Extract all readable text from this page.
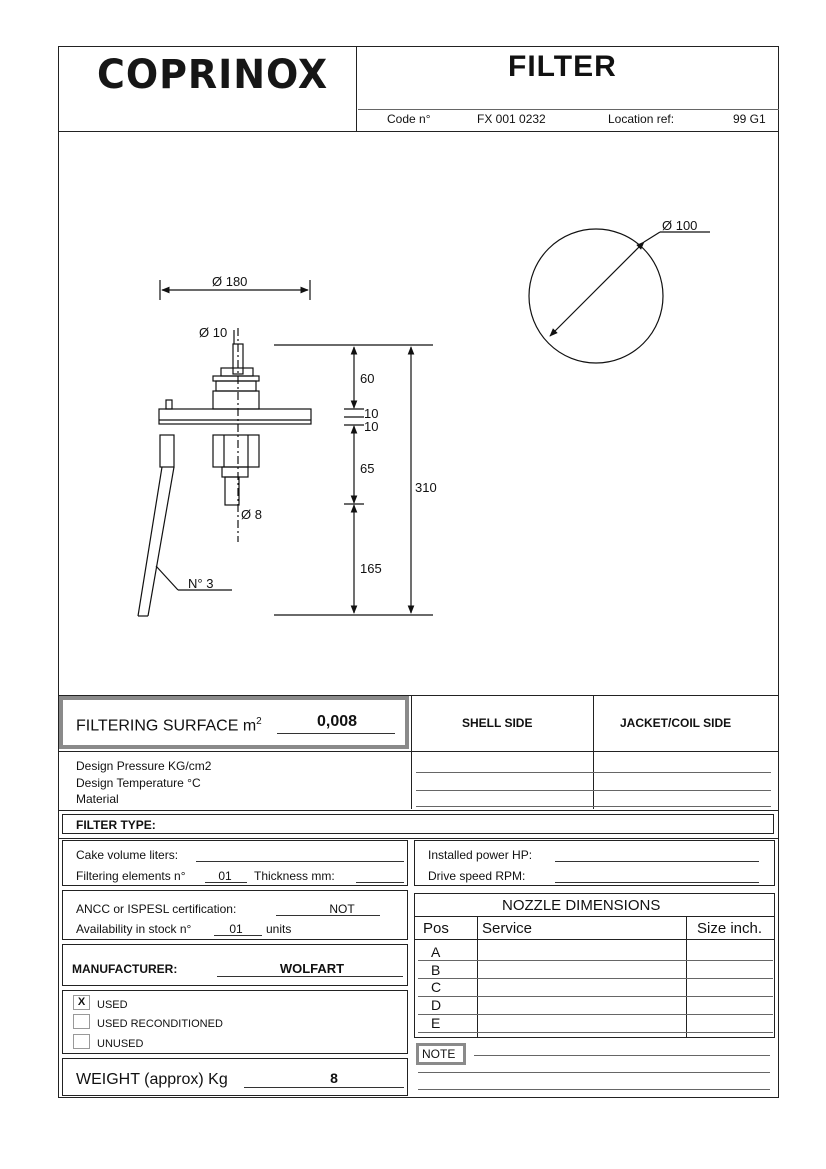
COPRINOX	FILTER
Code n°	FX 001 0232	Location ref:	99 G1
Ø 180
Ø 10
Ø 8
Ø 100
N° 3
60
10
10
65
165
310
FILTERING SURFACE $m^2$	0,008	SHELL SIDE	JACKET/COIL SIDE
Design Pressure KG/cm2
Design Temperature °C
Material
FILTER TYPE:
Cake volume liters:
Filtering elements n°	01	Thickness mm:
Installed power HP:
Drive speed RPM:
ANCC or ISPESL certification:	NOT
Availability in stock n°	01	units
NOZZLE DIMENSIONS
Pos Service	Size inch.
A
B
C
D
E
MANUFACTURER:	WOLFART
X	USED
USED RECONDITIONED
UNUSED
NOTE
WEIGHT (approx) Kg	8
